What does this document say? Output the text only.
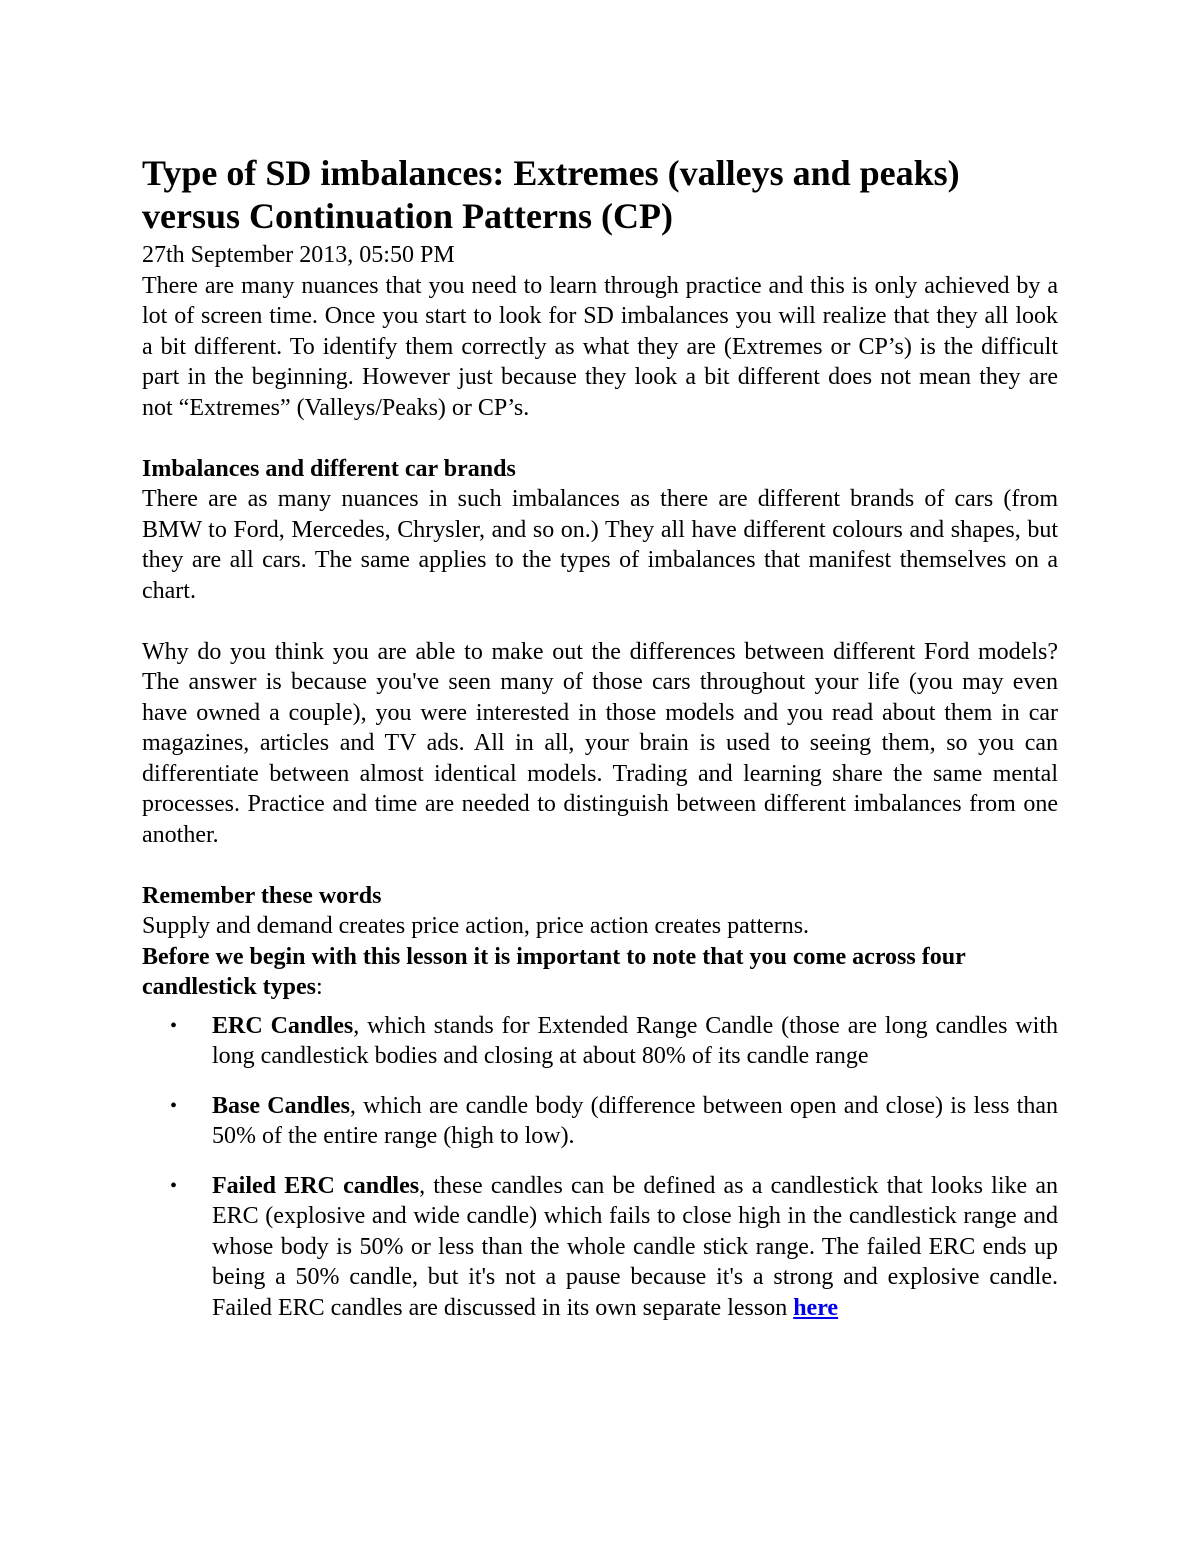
Type of SD imbalances: Extremes (valleys and peaks) versus Continuation Patterns (CP)
27th September 2013, 05:50 PM

There are many nuances that you need to learn through practice and this is only achieved by a lot of screen time. Once you start to look for SD imbalances you will realize that they all look a bit different. To identify them correctly as what they are (Extremes or CP’s) is the difficult part in the beginning. However just because they look a bit different does not mean they are not “Extremes” (Valleys/Peaks) or CP’s.

Imbalances and different car brands

There are as many nuances in such imbalances as there are different brands of cars (from BMW to Ford, Mercedes, Chrysler, and so on.) They all have different colours and shapes, but they are all cars. The same applies to the types of imbalances that manifest themselves on a chart.

Why do you think you are able to make out the differences between different Ford models? The answer is because you've seen many of those cars throughout your life (you may even have owned a couple), you were interested in those models and you read about them in car magazines, articles and TV ads. All in all, your brain is used to seeing them, so you can differentiate between almost identical models. Trading and learning share the same mental processes. Practice and time are needed to distinguish between different imbalances from one another.

Remember these words

Supply and demand creates price action, price action creates patterns.

Before we begin with this lesson it is important to note that you come across four candlestick types:
• ERC Candles, which stands for Extended Range Candle (those are long candles with long candlestick bodies and closing at about 80% of its candle range
• Base Candles, which are candle body (difference between open and close) is less than 50% of the entire range (high to low).
• Failed ERC candles, these candles can be defined as a candlestick that looks like an ERC (explosive and wide candle) which fails to close high in the candlestick range and whose body is 50% or less than the whole candle stick range. The failed ERC ends up being a 50% candle, but it's not a pause because it's a strong and explosive candle. Failed ERC candles are discussed in its own separate lesson here
